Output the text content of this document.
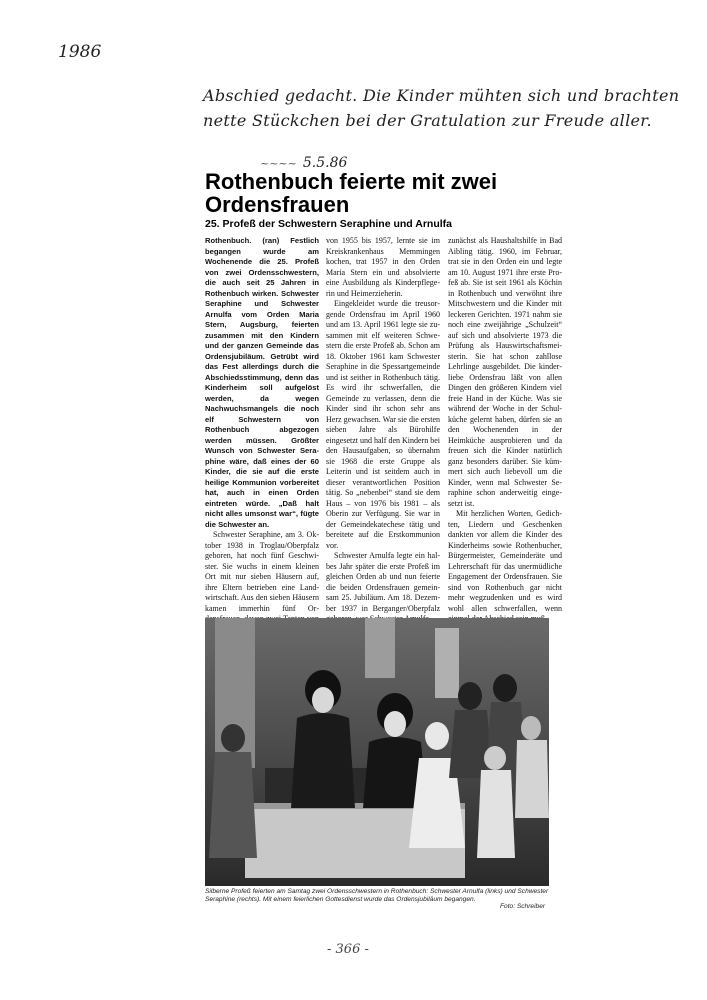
1986
Abschied gedacht. Die Kinder mühten sich und brachten
nette Stückchen bei der Gratulation zur Freude aller.
~~~~ 5.5.86
Rothenbuch feierte mit zwei Ordensfrauen
25. Profeß der Schwestern Seraphine und Arnulfa

Rothenbuch. (ran) Festlich begangen wurde am Wochenende die 25. Profeß von zwei Ordensschwestern, die auch seit 25 Jahren in Rothenbuch wirken. Schwester Seraphine und Schwester Arnulfa vom Orden Maria Stern, Augsburg, feierten zusammen mit den Kindern und der ganzen Gemeinde das Ordensjubiläum. Getrübt wird das Fest allerdings durch die Abschiedsstimmung, denn das Kinderheim soll aufgelöst werden, da wegen Nachwuchsmangels die noch elf Schwestern von Rothenbuch abgezogen werden müssen. Größter Wunsch von Schwester Seraphine wäre, daß eines der 60 Kinder, die sie auf die erste heilige Kommunion vorbereitet hat, auch in einen Orden eintreten würde. „Daß halt nicht alles umsonst war“, fügte die Schwester an.

Schwester Seraphine, am 3. Oktober 1938 in Troglau/Oberpfalz geboren, hat noch fünf Geschwister. Sie wuchs in einem kleinen Ort mit nur sieben Häusern auf, ihre Eltern betrieben eine Landwirtschaft. Aus den sieben Häusern kamen immerhin fünf Or

von 1955 bis 1957, lernte sie im Kreiskrankenhaus Memmingen kochen, trat 1957 in den Orden Maria Stern ein und absolvierte eine Ausbildung als Kinderpflegerin und Heimerzieherin.

Eingekleidet wurde die treusorgende Ordensfrau im April 1960 und am 13. April 1961 legte sie zusammen mit elf weiteren Schwestern die erste Profeß ab. Schon am 18. Oktober 1961 kam Schwester Seraphine in die Spessartgemeinde und ist seither in Rothenbuch tätig. Es wird ihr schwerfallen, die Gemeinde zu verlassen, denn die Kinder sind ihr schon sehr ans Herz gewachsen. War sie die ersten sieben Jahre als Bürohilfe eingesetzt und half den Kindern bei den Hausaufgaben, so übernahm sie 1968 die erste Gruppe als Leiterin und ist seitdem auch in dieser verantwortlichen Position tätig. So „nebenbei“ stand sie dem Haus – von 1976 bis 1981 – als Oberin zur Verfügung. Sie war in der Gemeindekatechese tätig und bereitete auf die Erstkommunion vor.

Schwester Arnulfa legte ein halbes Jahr später die erste Profeß im gleichen Orden ab und nun feierte die beiden Ordensfrauen gemeinsam 25. Jubiläum. Am 18. Dezember 1937 in Berganger/Oberpfalz

zunächst als Haushaltshilfe in Bad Aibling tätig. 1960, im Februar, trat sie in den Orden ein und legte am 10. August 1971 ihre erste Profeß ab. Sie ist seit 1961 als Köchin in Rothenbuch und verwöhnt ihre Mitschwestern und die Kinder mit leckeren Gerichten. 1971 nahm sie noch eine zweijährige „Schulzeit“ auf sich und absolvierte 1973 die Prüfung als Hauswirtschaftsmeisterin. Sie hat schon zahllose Lehrlinge ausgebildet. Die kinderliebe Ordensfrau läßt von allen Dingen den größeren Kindern viel freie Hand in der Küche. Was sie während der Woche in der Schulküche gelernt haben, dürfen sie an den Wochenenden in der Heimküche ausprobieren und da freuen sich die Kinder natürlich ganz besonders darüber. Sie kümmert sich auch liebevoll um die Kinder, wenn mal Schwester Seraphine schon anderweitig eingesetzt ist.

Mit herzlichen Worten, Gedichten, Liedern und Geschenken dankten vor allem die Kinder des Kinderheims sowie Rothenbucher, Bürgermeister, Gemeinderäte und Lehrerschaft für das unermüdliche Engagement der Ordensfrauen. Sie sind von Rothenbuch gar nicht mehr wegzudenken und es wird wohl allen schwerfallen, wenn

Silberne Profeß feierten am Samtag zwei Ordensschwestern in Rothenbuch: Schwester Arnulfa (links) und Schwester Seraphine (rechts). Mit einem feierlichen Gottesdienst wurde das Ordensjubiläum begangen.
Foto: Schreiber
- 366 -
